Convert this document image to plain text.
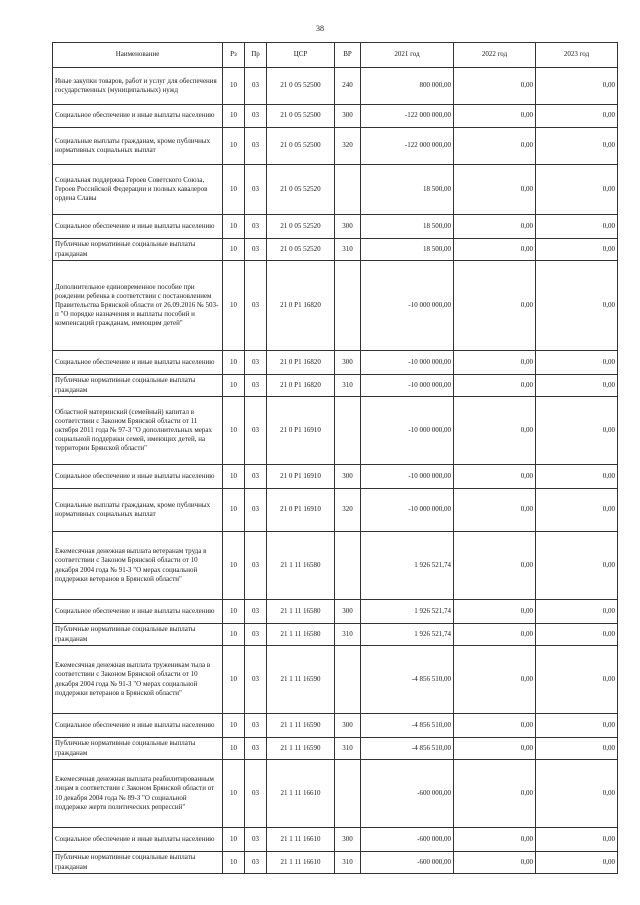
38
Наименование	Рз	Пр	ЦСР	ВР	2021 год	2022 год	2023 год
Иные закупки товаров, работ и услуг для обеспечения государственных (муниципальных) нужд	10	03	21 0 05 52500	240	800 000,00	0,00	0,00
Социальное обеспечение и иные выплаты населению	10	03	21 0 05 52500	300	-122 000 000,00	0,00	0,00
Социальные выплаты гражданам, кроме публичных нормативных социальных выплат	10	03	21 0 05 52500	320	-122 000 000,00	0,00	0,00
Социальная поддержка Героев Советского Союза, Героев Российской Федерации и полных кавалеров ордена Славы	10	03	21 0 05 52520		18 500,00	0,00	0,00
Социальное обеспечение и иные выплаты населению	10	03	21 0 05 52520	300	18 500,00	0,00	0,00
Публичные нормативные социальные выплаты гражданам	10	03	21 0 05 52520	310	18 500,00	0,00	0,00
Дополнительное единовременное пособие при рождении ребенка в соответствии с постановлением Правительства Брянской области от 26.09.2016 № 503-п "О порядке назначения и выплаты пособий и компенсаций гражданам, имеющим детей"	10	03	21 0 P1 16820		-10 000 000,00	0,00	0,00
Социальное обеспечение и иные выплаты населению	10	03	21 0 P1 16820	300	-10 000 000,00	0,00	0,00
Публичные нормативные социальные выплаты гражданам	10	03	21 0 P1 16820	310	-10 000 000,00	0,00	0,00
Областной материнский (семейный) капитал в соответствии с Законом Брянской области от 11 октября 2011 года № 97-З "О дополнительных мерах социальной поддержки семей, имеющих детей, на территории Брянской области"	10	03	21 0 P1 16910		-10 000 000,00	0,00	0,00
Социальное обеспечение и иные выплаты населению	10	03	21 0 P1 16910	300	-10 000 000,00	0,00	0,00
Социальные выплаты гражданам, кроме публичных нормативных социальных выплат	10	03	21 0 P1 16910	320	-10 000 000,00	0,00	0,00
Ежемесячная денежная выплата ветеранам труда в соответствии с Законом Брянской области от 10 декабря 2004 года № 91-З "О мерах социальной поддержки ветеранов в Брянской области"	10	03	21 1 11 16580		1 926 521,74	0,00	0,00
Социальное обеспечение и иные выплаты населению	10	03	21 1 11 16580	300	1 926 521,74	0,00	0,00
Публичные нормативные социальные выплаты гражданам	10	03	21 1 11 16580	310	1 926 521,74	0,00	0,00
Ежемесячная денежная выплата труженикам тыла в соответствии с Законом Брянской области от 10 декабря 2004 года № 91-З "О мерах социальной поддержки ветеранов в Брянской области"	10	03	21 1 11 16590		-4 856 510,00	0,00	0,00
Социальное обеспечение и иные выплаты населению	10	03	21 1 11 16590	300	-4 856 510,00	0,00	0,00
Публичные нормативные социальные выплаты гражданам	10	03	21 1 11 16590	310	-4 856 510,00	0,00	0,00
Ежемесячная денежная выплата реабилитированным лицам в соответствии с Законом Брянской области от 10 декабря 2004 года № 89-З "О социальной поддержке жертв политических репрессий"	10	03	21 1 11 16610		-600 000,00	0,00	0,00
Социальное обеспечение и иные выплаты населению	10	03	21 1 11 16610	300	-600 000,00	0,00	0,00
Публичные нормативные социальные выплаты гражданам	10	03	21 1 11 16610	310	-600 000,00	0,00	0,00
